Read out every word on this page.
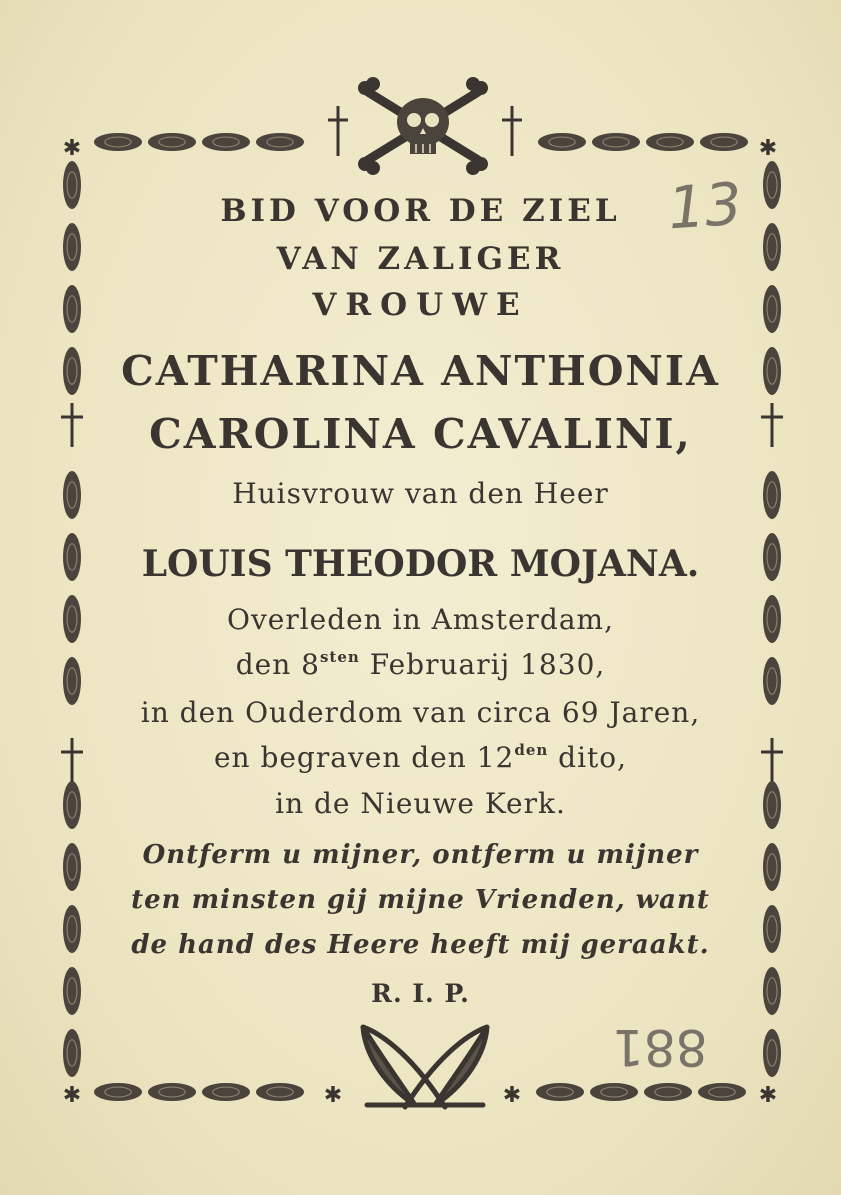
✱	✱
✱	✱	✱	✱
BID VOOR DE ZIEL
VAN ZALIGER
VROUWE
CATHARINA ANTHONIA
CAROLINA CAVALINI,
Huisvrouw van den Heer
LOUIS THEODOR MOJANA.
Overleden in Amsterdam,
den $8^{sten}$ Februarij 1830,
in den Ouderdom van circa 69 Jaren,
en begraven den $12^{den}$ dito,
in de Nieuwe Kerk.
Ontferm u mijner, ontferm u mijner
ten minsten gij mijne Vrienden, want
de hand des Heere heeft mij geraakt.
R. I. P.
13
881
